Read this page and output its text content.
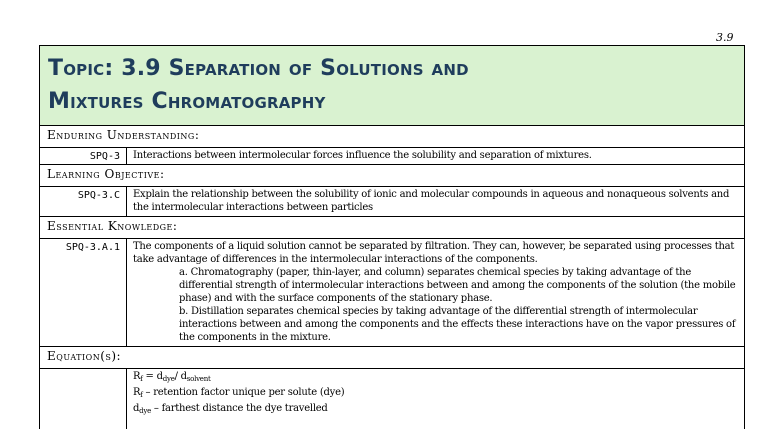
3.9
Topic: 3.9 Separation of Solutions and
Mixtures Chromatography
Enduring Understanding:
SPQ-3	Interactions between intermolecular forces influence the solubility and separation of mixtures.
Learning Objective:
SPQ-3.C	Explain the relationship between the solubility of ionic and molecular compounds in aqueous and nonaqueous solvents and the intermolecular interactions between particles
Essential Knowledge:
SPQ-3.A.1	The components of a liquid solution cannot be separated by filtration. They can, however, be separated using processes that take advantage of differences in the intermolecular interactions of the components.

a. Chromatography (paper, thin-layer, and column) separates chemical species by taking advantage of the differential strength of intermolecular interactions between and among the components of the solution (the mobile phase) and with the surface components of the stationary phase.

b. Distillation separates chemical species by taking advantage of the differential strength of intermolecular interactions between and among the components and the effects these interactions have on the vapor pressures of the components in the mixture.

Equation(s):

$R_f = d_{dye}/$ $d_{solvent}$

$R_f$ – retention factor unique per solute (dye)

$d_{dye}$ – farthest distance the dye travelled
